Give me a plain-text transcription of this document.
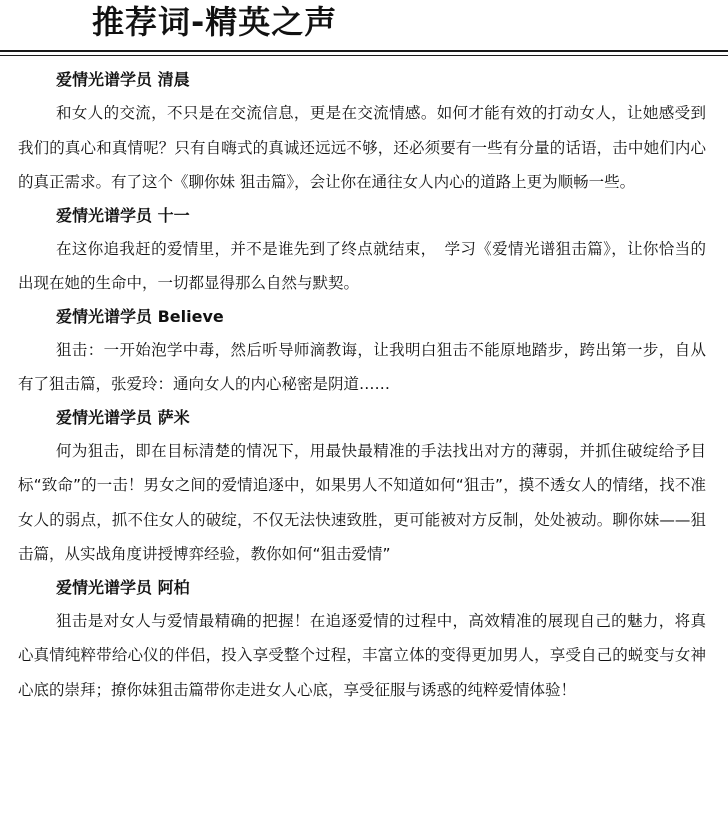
推荐词-精英之声
爱情光谱学员 清晨

和女人的交流，不只是在交流信息，更是在交流情感。如何才能有效的打动女人，让她感受到我们的真心和真情呢？只有自嗨式的真诚还远远不够，还必须要有一些有分量的话语，击中她们内心的真正需求。有了这个《聊你妹 狙击篇》，会让你在通往女人内心的道路上更为顺畅一些。

爱情光谱学员 十一

在这你追我赶的爱情里，并不是谁先到了终点就结束，　学习《爱情光谱狙击篇》，让你恰当的出现在她的生命中，一切都显得那么自然与默契。

爱情光谱学员 Believe

狙击：一开始泡学中毒，然后听导师滴教诲，让我明白狙击不能原地踏步，跨出第一步，自从有了狙击篇，张爱玲：通向女人的内心秘密是阴道……

爱情光谱学员 萨米

何为狙击，即在目标清楚的情况下，用最快最精准的手法找出对方的薄弱，并抓住破绽给予目标“致命”的一击！男女之间的爱情追逐中，如果男人不知道如何“狙击”，摸不透女人的情绪，找不准女人的弱点，抓不住女人的破绽，不仅无法快速致胜，更可能被对方反制，处处被动。聊你妹——狙击篇，从实战角度讲授博弈经验，教你如何“狙击爱情”

爱情光谱学员 阿柏

狙击是对女人与爱情最精确的把握！在追逐爱情的过程中，高效精准的展现自己的魅力，将真心真情纯粹带给心仪的伴侣，投入享受整个过程，丰富立体的变得更加男人，享受自己的蜕变与女神心底的崇拜；撩你妹狙击篇带你走进女人心底，享受征服与诱惑的纯粹爱情体验！
